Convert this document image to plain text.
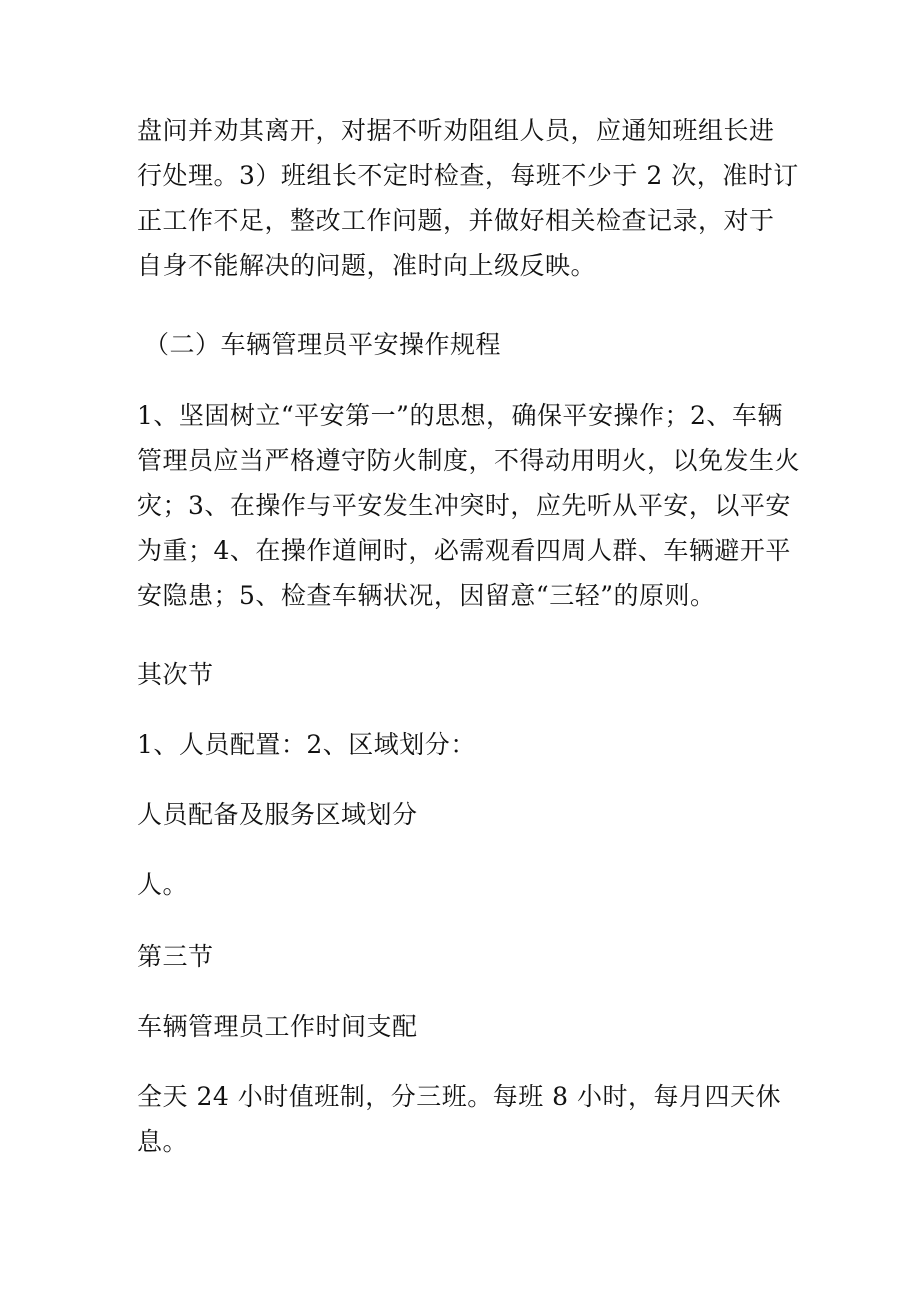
盘问并劝其离开，对据不听劝阻组人员，应通知班组长进
行处理。3）班组长不定时检查，每班不少于 2 次，准时订
正工作不足，整改工作问题，并做好相关检查记录，对于
自身不能解决的问题，准时向上级反映。

（二）车辆管理员平安操作规程

1、坚固树立“平安第一”的思想，确保平安操作；2、车辆
管理员应当严格遵守防火制度，不得动用明火，以免发生火
灾；3、在操作与平安发生冲突时，应先听从平安，以平安
为重；4、在操作道闸时，必需观看四周人群、车辆避开平
安隐患；5、检查车辆状况，因留意“三轻”的原则。

其次节

1、人员配置：2、区域划分：

人员配备及服务区域划分

人。

第三节

车辆管理员工作时间支配

全天 24 小时值班制，分三班。每班 8 小时，每月四天休
息。
